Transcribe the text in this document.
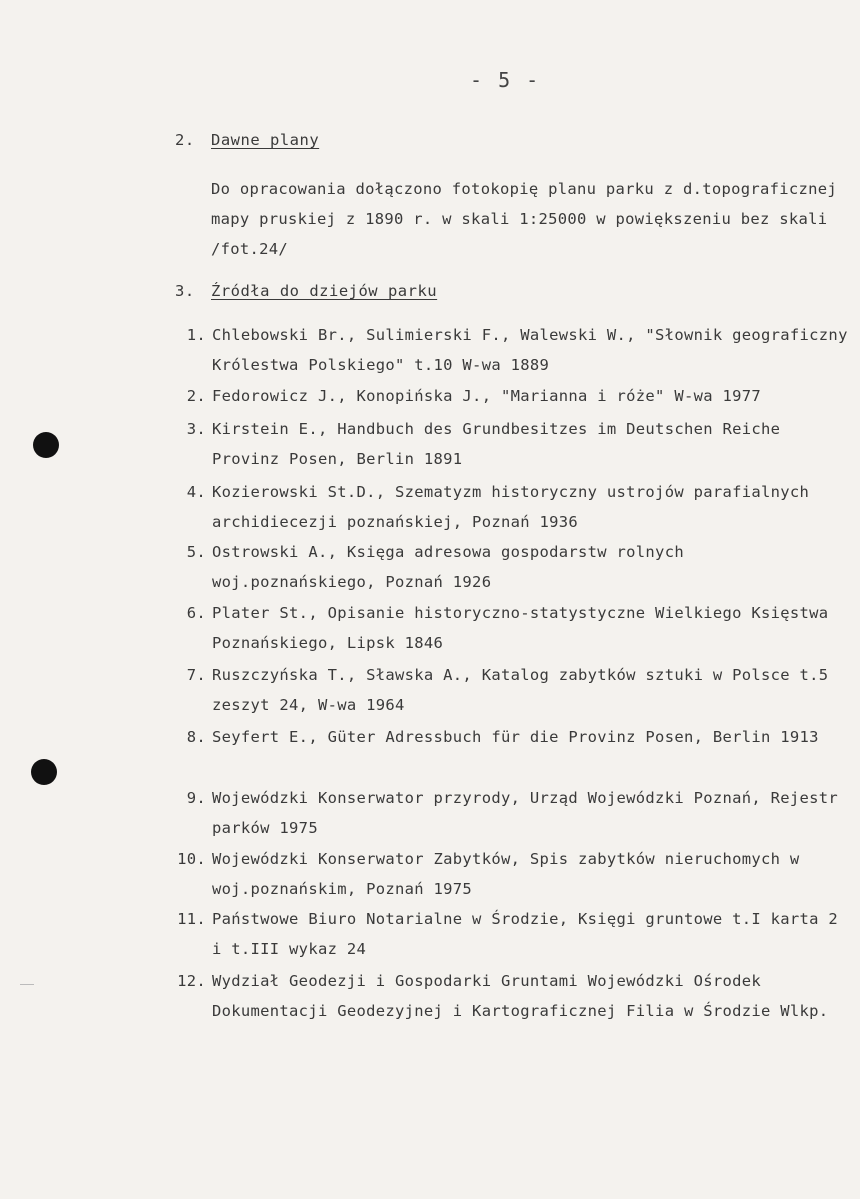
- 5 -
2. Dawne plany
Do opracowania dołączono fotokopię planu parku z d.topograficznej mapy pruskiej z 1890 r. w skali 1:25000 w powiększeniu bez skali /fot.24/
3. Źródła do dziejów parku
1. Chlebowski Br., Sulimierski F., Walewski W., "Słownik geograficzny Królestwa Polskiego" t.10 W-wa 1889
2. Fedorowicz J., Konopińska J., "Marianna i róże" W-wa 1977
3. Kirstein E., Handbuch des Grundbesitzes im Deutschen Reiche Provinz Posen, Berlin 1891
4. Kozierowski St.D., Szematyzm historyczny ustrojów parafialnych archidiecezji poznańskiej, Poznań 1936
5. Ostrowski A., Księga adresowa gospodarstw rolnych woj.poznańskiego, Poznań 1926
6. Plater St., Opisanie historyczno-statystyczne Wielkiego Księstwa Poznańskiego, Lipsk 1846
7. Ruszczyńska T., Sławska A., Katalog zabytków sztuki w Polsce t.5 zeszyt 24, W-wa 1964
8. Seyfert E., Güter Adressbuch für die Provinz Posen, Berlin 1913
9. Wojewódzki Konserwator przyrody, Urząd Wojewódzki Poznań, Rejestr parków 1975
10. Wojewódzki Konserwator Zabytków, Spis zabytków nieruchomych w woj.poznańskim, Poznań 1975
11. Państwowe Biuro Notarialne w Środzie, Księgi gruntowe t.I karta 2 i t.III wykaz 24
12. Wydział Geodezji i Gospodarki Gruntami Wojewódzki Ośrodek Dokumentacji Geodezyjnej i Kartograficznej Filia w Środzie Wlkp.
